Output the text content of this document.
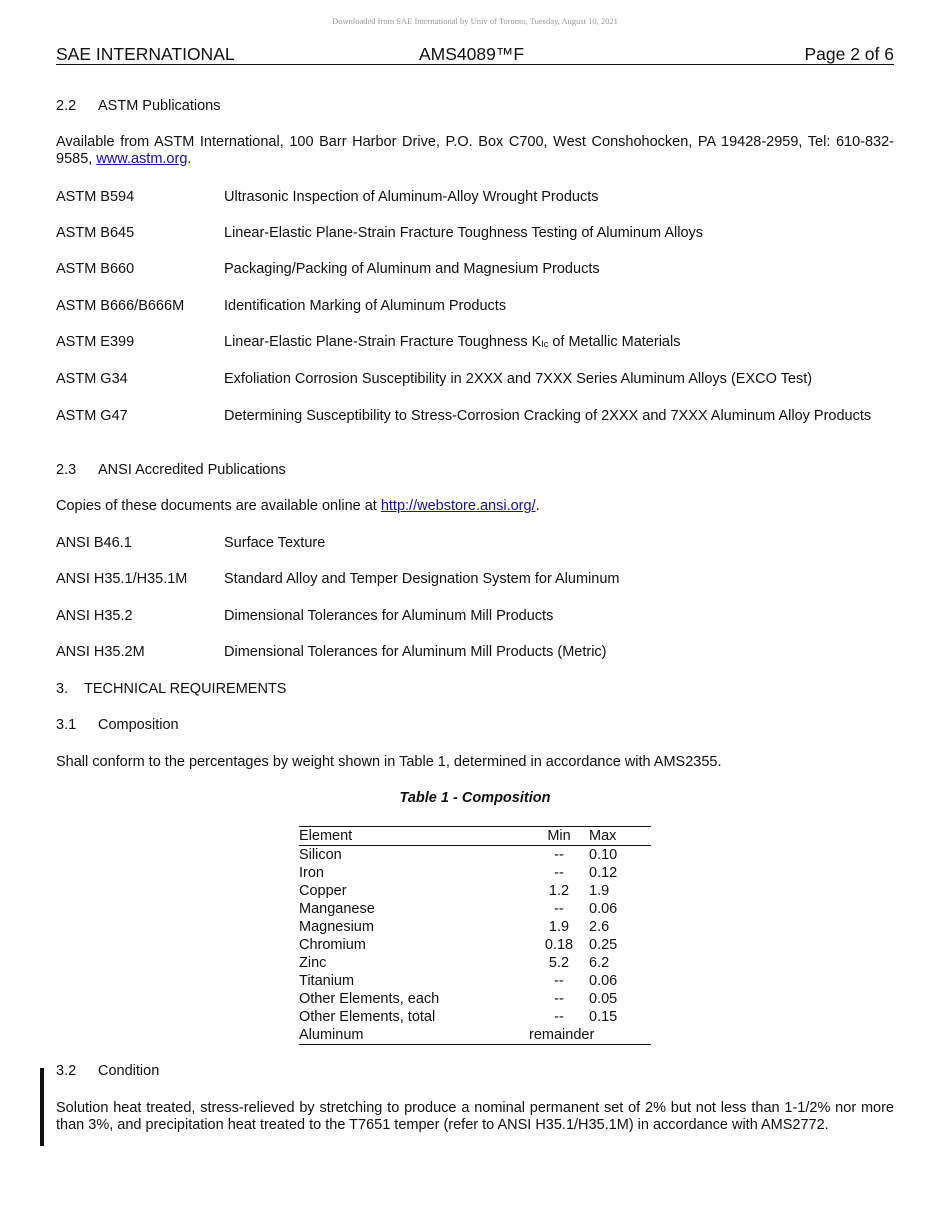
Downloaded from SAE International by Univ of Toronto, Tuesday, August 10, 2021
SAE INTERNATIONAL	AMS4089™F	Page 2 of 6
2.2 ASTM Publications
Available from ASTM International, 100 Barr Harbor Drive, P.O. Box C700, West Conshohocken, PA 19428-2959, Tel: 610-832-9585, www.astm.org.
ASTM B594	Ultrasonic Inspection of Aluminum-Alloy Wrought Products
ASTM B645	Linear-Elastic Plane-Strain Fracture Toughness Testing of Aluminum Alloys
ASTM B660	Packaging/Packing of Aluminum and Magnesium Products
ASTM B666/B666M	Identification Marking of Aluminum Products
ASTM E399	Linear-Elastic Plane-Strain Fracture Toughness $K_{Ic}$ of Metallic Materials
ASTM G34	Exfoliation Corrosion Susceptibility in 2XXX and 7XXX Series Aluminum Alloys (EXCO Test)
ASTM G47	Determining Susceptibility to Stress-Corrosion Cracking of 2XXX and 7XXX Aluminum Alloy Products
2.3 ANSI Accredited Publications
Copies of these documents are available online at http://webstore.ansi.org/.
ANSI B46.1	Surface Texture
ANSI H35.1/H35.1M	Standard Alloy and Temper Designation System for Aluminum
ANSI H35.2	Dimensional Tolerances for Aluminum Mill Products
ANSI H35.2M	Dimensional Tolerances for Aluminum Mill Products (Metric)
3. TECHNICAL REQUIREMENTS
3.1 Composition
Shall conform to the percentages by weight shown in Table 1, determined in accordance with AMS2355.
Table 1 - Composition
Element	Min	Max
Silicon	--	0.10
Iron	--	0.12
Copper	1.2	1.9
Manganese	--	0.06
Magnesium	1.9	2.6
Chromium	0.18	0.25
Zinc	5.2	6.2
Titanium	--	0.06
Other Elements, each	--	0.05
Other Elements, total	--	0.15
Aluminum	remainder	
3.2 Condition
Solution heat treated, stress-relieved by stretching to produce a nominal permanent set of 2% but not less than 1-1/2% nor more than 3%, and precipitation heat treated to the T7651 temper (refer to ANSI H35.1/H35.1M) in accordance with AMS2772.
